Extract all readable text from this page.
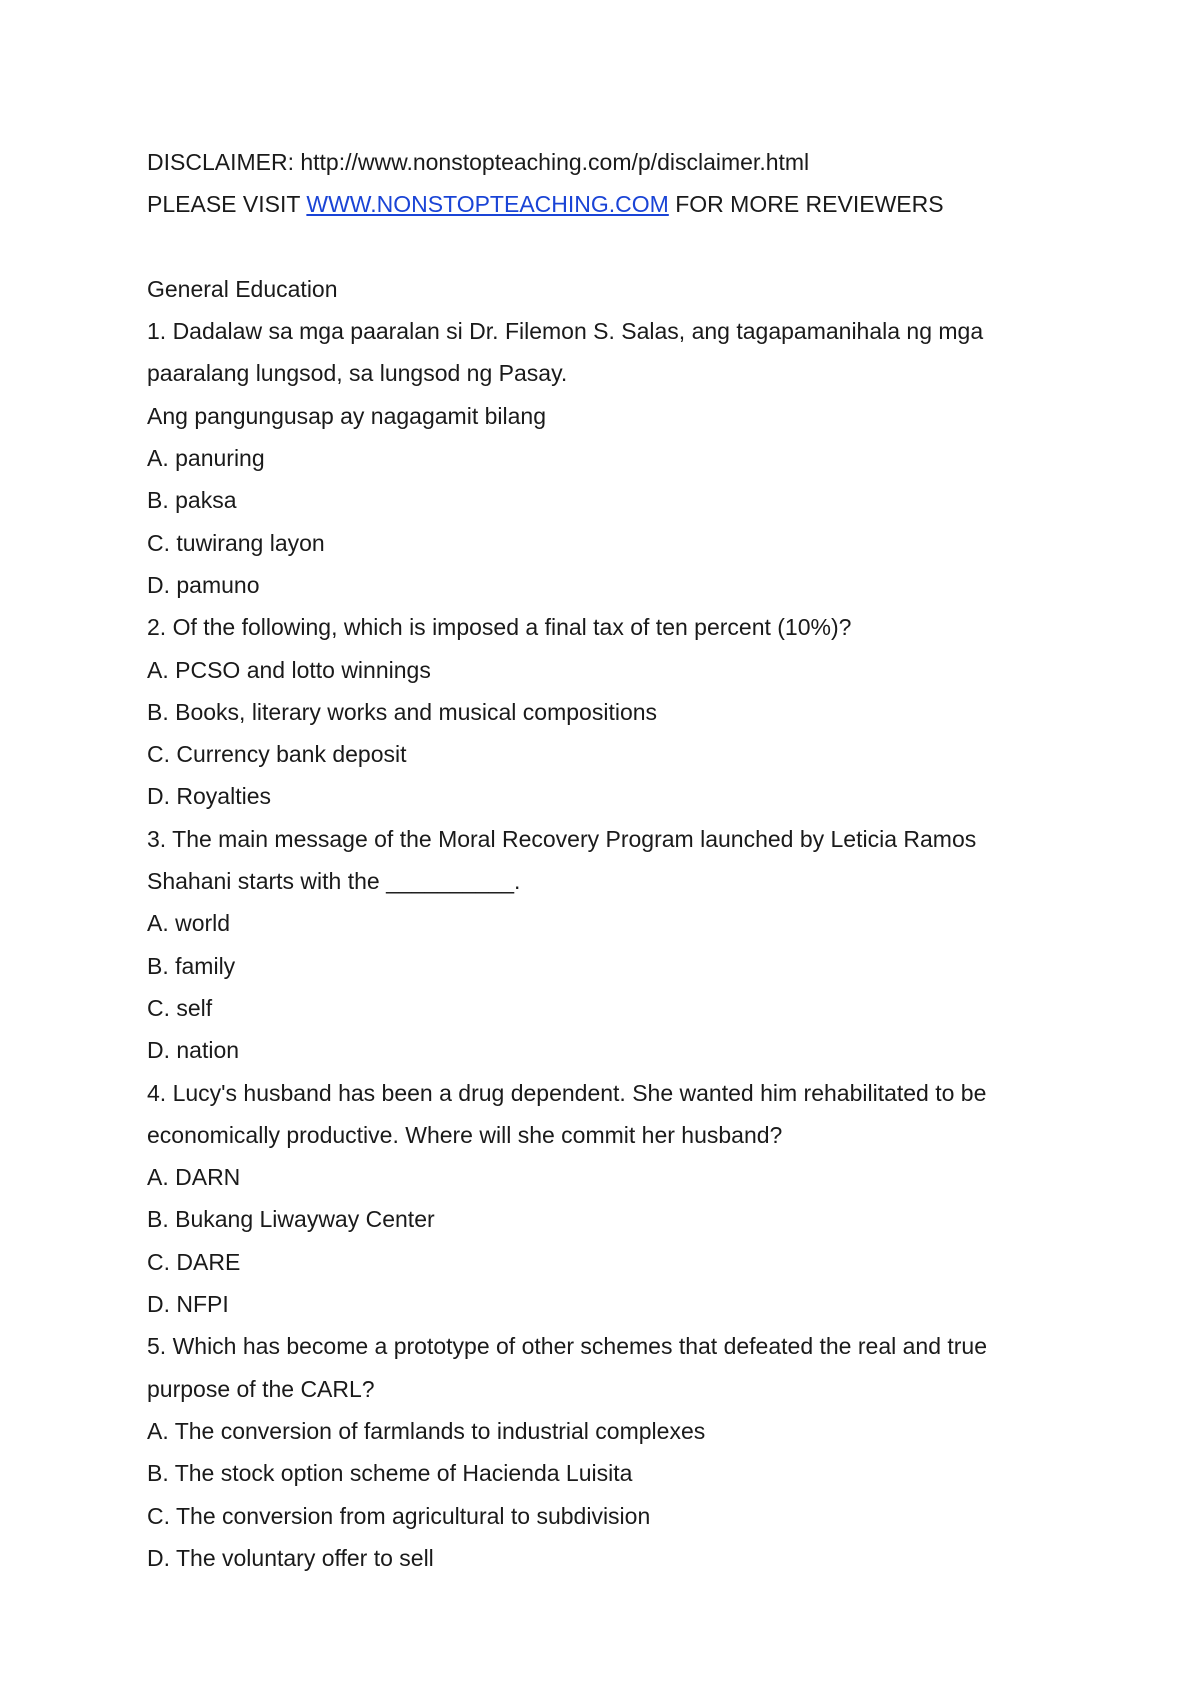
DISCLAIMER: http://www.nonstopteaching.com/p/disclaimer.html
PLEASE VISIT WWW.NONSTOPTEACHING.COM FOR MORE REVIEWERS
General Education
1. Dadalaw sa mga paaralan si Dr. Filemon S. Salas, ang tagapamanihala ng mga
paaralang lungsod, sa lungsod ng Pasay.
Ang pangungusap ay nagagamit bilang
A. panuring
B. paksa
C. tuwirang layon
D. pamuno
2. Of the following, which is imposed a final tax of ten percent (10%)?
A. PCSO and lotto winnings
B. Books, literary works and musical compositions
C. Currency bank deposit
D. Royalties
3. The main message of the Moral Recovery Program launched by Leticia Ramos
Shahani starts with the __________.
A. world
B. family
C. self
D. nation
4. Lucy's husband has been a drug dependent. She wanted him rehabilitated to be
economically productive. Where will she commit her husband?
A. DARN
B. Bukang Liwayway Center
C. DARE
D. NFPI
5. Which has become a prototype of other schemes that defeated the real and true
purpose of the CARL?
A. The conversion of farmlands to industrial complexes
B. The stock option scheme of Hacienda Luisita
C. The conversion from agricultural to subdivision
D. The voluntary offer to sell
